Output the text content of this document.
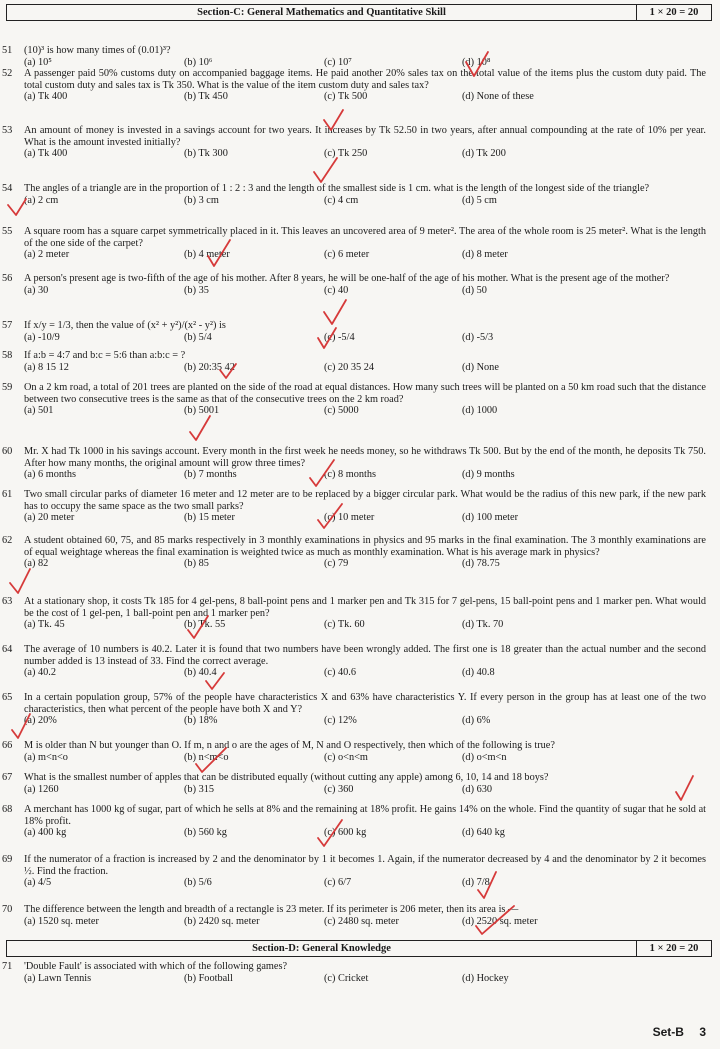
Section-C: General Mathematics and Quantitative Skill	1 × 20 = 20
51 (10)³ is how many times of (0.01)³?
(a) 10⁵	(b) 10⁶	(c) 10⁷	(d) 10⁸
52 A passenger paid 50% customs duty on accompanied baggage items. He paid another 20% sales tax on the total value of the items plus the custom duty paid. The total custom duty and sales tax is Tk 350. What is the value of the item custom duty and sales tax?
(a) Tk 400	(b) Tk 450	(c) Tk 500	(d) None of these
53 An amount of money is invested in a savings account for two years. It increases by Tk 52.50 in two years, after annual compounding at the rate of 10% per year. What is the amount invested initially?
(a) Tk 400	(b) Tk 300	(c) Tk 250	(d) Tk 200
54 The angles of a triangle are in the proportion of 1 : 2 : 3 and the length of the smallest side is 1 cm. what is the length of the longest side of the triangle?
(a) 2 cm	(b) 3 cm	(c) 4 cm	(d) 5 cm
55 A square room has a square carpet symmetrically placed in it. This leaves an uncovered area of 9 meter². The area of the whole room is 25 meter². What is the length of the one side of the carpet?
(a) 2 meter	(b) 4 meter	(c) 6 meter	(d) 8 meter
56 A person's present age is two-fifth of the age of his mother. After 8 years, he will be one-half of the age of his mother. What is the present age of the mother?
(a) 30	(b) 35	(c) 40	(d) 50
57 If x/y = 1/3, then the value of (x² + y²)/(x² - y²) is
(a) -10/9	(b) 5/4	(c) -5/4	(d) -5/3
58 If a:b = 4:7 and b:c = 5:6 than a:b:c = ?
(a) 8 15 12	(b) 20:35 42	(c) 20 35 24	(d) None
59 On a 2 km road, a total of 201 trees are planted on the side of the road at equal distances. How many such trees will be planted on a 50 km road such that the distance between two consecutive trees is the same as that of the consecutive trees on the 2 km road?
(a) 501	(b) 5001	(c) 5000	(d) 1000
60 Mr. X had Tk 1000 in his savings account. Every month in the first week he needs money, so he withdraws Tk 500. But by the end of the month, he deposits Tk 750. After how many months, the original amount will grow three times?
(a) 6 months	(b) 7 months	(c) 8 months	(d) 9 months
61 Two small circular parks of diameter 16 meter and 12 meter are to be replaced by a bigger circular park. What would be the radius of this new park, if the new park has to occupy the same space as the two small parks?
(a) 20 meter	(b) 15 meter	(c) 10 meter	(d) 100 meter
62 A student obtained 60, 75, and 85 marks respectively in 3 monthly examinations in physics and 95 marks in the final examination. The 3 monthly examinations are of equal weightage whereas the final examination is weighted twice as much as monthly examination. What is his average mark in physics?
(a) 82	(b) 85	(c) 79	(d) 78.75
63 At a stationary shop, it costs Tk 185 for 4 gel-pens, 8 ball-point pens and 1 marker pen and Tk 315 for 7 gel-pens, 15 ball-point pens and 1 marker pen. What would be the cost of 1 gel-pen, 1 ball-point pen and 1 marker pen?
(a) Tk. 45	(b) Tk. 55	(c) Tk. 60	(d) Tk. 70
64 The average of 10 numbers is 40.2. Later it is found that two numbers have been wrongly added. The first one is 18 greater than the actual number and the second number added is 13 instead of 33. Find the correct average.
(a) 40.2	(b) 40.4	(c) 40.6	(d) 40.8
65 In a certain population group, 57% of the people have characteristics X and 63% have characteristics Y. If every person in the group has at least one of the two characteristics, then what percent of the people have both X and Y?
(a) 20%	(b) 18%	(c) 12%	(d) 6%
66 M is older than N but younger than O. If m, n and o are the ages of M, N and O respectively, then which of the following is true?
(a) m<n<o	(b) n<m<o	(c) o<n<m	(d) o<m<n
67 What is the smallest number of apples that can be distributed equally (without cutting any apple) among 6, 10, 14 and 18 boys?
(a) 1260	(b) 315	(c) 360	(d) 630
68 A merchant has 1000 kg of sugar, part of which he sells at 8% and the remaining at 18% profit. He gains 14% on the whole. Find the quantity of sugar that he sold at 18% profit.
(a) 400 kg	(b) 560 kg	(c) 600 kg	(d) 640 kg
69 If the numerator of a fraction is increased by 2 and the denominator by 1 it becomes 1. Again, if the numerator decreased by 4 and the denominator by 2 it becomes ½. Find the fraction.
(a) 4/5	(b) 5/6	(c) 6/7	(d) 7/8
70 The difference between the length and breadth of a rectangle is 23 meter. If its perimeter is 206 meter, then its area is —
(a) 1520 sq. meter	(b) 2420 sq. meter	(c) 2480 sq. meter	(d) 2520 sq. meter
Section-D: General Knowledge	1 × 20 = 20
71 'Double Fault' is associated with which of the following games?
(a) Lawn Tennis	(b) Football	(c) Cricket	(d) Hockey
Set-B 3
